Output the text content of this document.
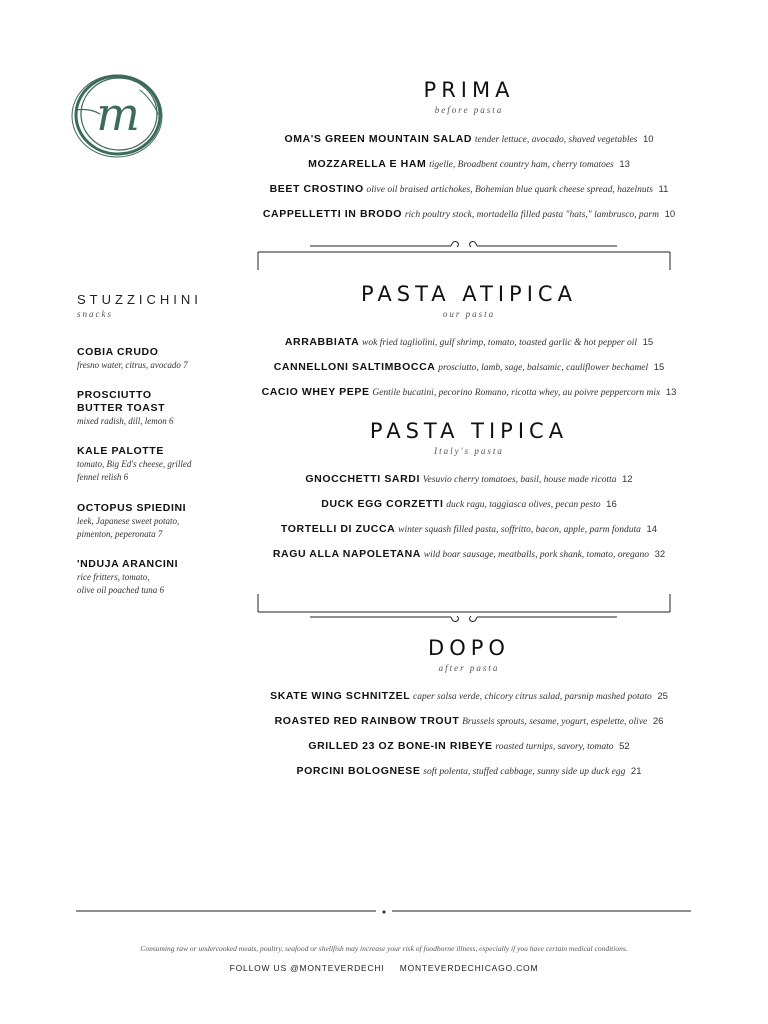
m	PRIMA
before pasta
OMA'S GREEN MOUNTAIN SALAD tender lettuce, avocado, shaved vegetables 10
MOZZARELLA E HAM tigelle, Broadbent country ham, cherry tomatoes 13
BEET CROSTINO olive oil braised artichokes, Bohemian blue quark cheese spread, hazelnuts 11
CAPPELLETTI IN BRODO rich poultry stock, mortadella filled pasta "hats," lambrusco, parm 10
STUZZICHINI
snacks
COBIA CRUDO
fresno water, citrus, avocado 7
PROSCIUTTO BUTTER TOAST
mixed radish, dill, lemon 6
KALE PALOTTE
tomato, Big Ed's cheese, grilled
fennel relish 6
OCTOPUS SPIEDINI
leek, Japanese sweet potato,
pimenton, peperonata 7
'NDUJA ARANCINI
rice fritters, tomato,
olive oil poached tuna 6
PASTA ATIPICA
our pasta
ARRABBIATA wok fried tagliolini, gulf shrimp, tomato, toasted garlic & hot pepper oil 15
CANNELLONI SALTIMBOCCA prosciutto, lamb, sage, balsamic, cauliflower bechamel 15
CACIO WHEY PEPE Gentile bucatini, pecorino Romano, ricotta whey, au poivre peppercorn mix 13
PASTA TIPICA
Italy's pasta
GNOCCHETTI SARDI Vesuvio cherry tomatoes, basil, house made ricotta 12
DUCK EGG CORZETTI duck ragu, taggiasca olives, pecan pesto 16
TORTELLI DI ZUCCA winter squash filled pasta, soffritto, bacon, apple, parm fonduta 14
RAGU ALLA NAPOLETANA wild boar sausage, meatballs, pork shank, tomato, oregano 32
DOPO
after pasta
SKATE WING SCHNITZEL caper salsa verde, chicory citrus salad, parsnip mashed potato 25
ROASTED RED RAINBOW TROUT Brussels sprouts, sesame, yogurt, espelette, olive 26
GRILLED 23 OZ BONE-IN RIBEYE roasted turnips, savory, tomato 52
PORCINI BOLOGNESE soft polenta, stuffed cabbage, sunny side up duck egg 21
Consuming raw or undercooked meats, poultry, seafood or shellfish may increase your risk of foodborne illness, especially if you have certain medical conditions.
FOLLOW US @MONTEVERDECHI MONTEVERDECHICAGO.COM
